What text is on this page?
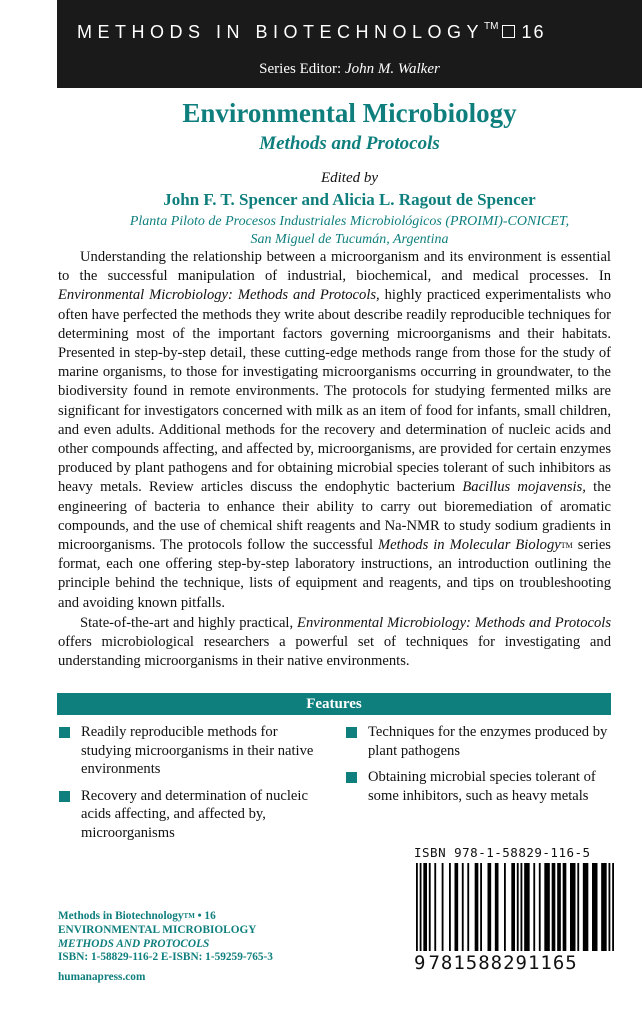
METHODS IN BIOTECHNOLOGY™ 16
Series Editor: John M. Walker
Environmental Microbiology
Methods and Protocols
Edited by
John F. T. Spencer and Alicia L. Ragout de Spencer
Planta Piloto de Procesos Industriales Microbiológicos (PROIMI)-CONICET,
San Miguel de Tucumán, Argentina

Understanding the relationship between a microorganism and its environment is essential to the successful manipulation of industrial, biochemical, and medical processes. In Environmental Microbiology: Methods and Protocols, highly practiced experimentalists who often have perfected the methods they write about describe readily reproducible techniques for determining most of the important factors governing microorganisms and their habitats. Presented in step-by-step detail, these cutting-edge methods range from those for the study of marine organisms, to those for investigating microorganisms occurring in groundwater, to the biodiversity found in remote environments. The protocols for studying fermented milks are significant for investigators concerned with milk as an item of food for infants, small children, and even adults. Additional methods for the recovery and determination of nucleic acids and other compounds affecting, and affected by, microorganisms, are provided for certain enzymes produced by plant pathogens and for obtaining microbial species tolerant of such inhibitors as heavy metals. Review articles discuss the endophytic bacterium Bacillus mojavensis, the engineering of bacteria to enhance their ability to carry out bioremediation of aromatic compounds, and the use of chemical shift reagents and Na-NMR to study sodium gradients in microorganisms. The protocols follow the successful Methods in Molecular Biology™ series format, each one offering step-by-step laboratory instructions, an introduction outlining the principle behind the technique, lists of equipment and reagents, and tips on troubleshooting and avoiding known pitfalls.

State-of-the-art and highly practical, Environmental Microbiology: Methods and Protocols offers microbiological researchers a powerful set of techniques for investigating and understanding microorganisms in their native environments.

Features
Readily reproducible methods for studying microorganisms in their native environments
Recovery and determination of nucleic acids affecting, and affected by, microorganisms
Techniques for the enzymes produced by plant pathogens
Obtaining microbial species tolerant of some inhibitors, such as heavy metals
ISBN 978-1-58829-116-5
9 781588291165
Methods in Biotechnology™ • 16
ENVIRONMENTAL MICROBIOLOGY
METHODS AND PROTOCOLS
ISBN: 1-58829-116-2 E-ISBN: 1-59259-765-3
humanapress.com
